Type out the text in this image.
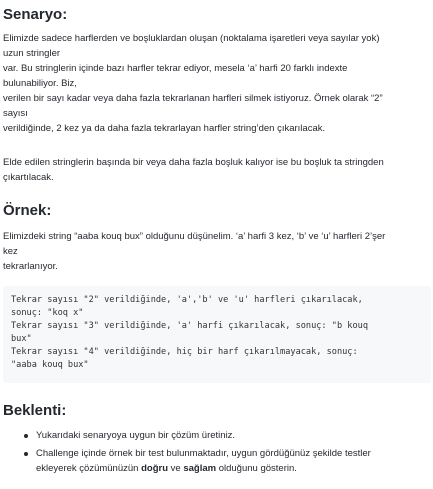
Senaryo:

Elimizde sadece harflerden ve boşluklardan oluşan (noktalama işaretleri veya sayılar yok)
uzun stringler
var. Bu stringlerin içinde bazı harfler tekrar ediyor, mesela ‘a’ harfi 20 farklı indexte
bulunabiliyor. Biz,
verilen bir sayı kadar veya daha fazla tekrarlanan harfleri silmek istiyoruz. Örnek olarak “2”
sayısı
verildiğinde, 2 kez ya da daha fazla tekrarlayan harfler string’den çıkarılacak.

Elde edilen stringlerin başında bir veya daha fazla boşluk kalıyor ise bu boşluk ta stringden
çıkartılacak.

Örnek:

Elimizdeki string “aaba kouq bux” olduğunu düşünelim. ‘a’ harfi 3 kez, ‘b’ ve ‘u’ harfleri 2’şer
kez
tekrarlanıyor.

Tekrar sayısı "2" verildiğinde, 'a','b' ve 'u' harfleri çıkarılacak,
sonuç: "koq x"
Tekrar sayısı "3" verildiğinde, 'a' harfi çıkarılacak, sonuç: "b kouq
bux"
Tekrar sayısı "4" verildiğinde, hiç bir harf çıkarılmayacak, sonuç:
"aaba kouq bux"
Beklenti:
Yukarıdaki senaryoya uygun bir çözüm üretiniz.
Challenge içinde örnek bir test bulunmaktadır, uygun gördüğünüz şekilde testler
ekleyerek çözümünüzün doğru ve sağlam olduğunu gösterin.
